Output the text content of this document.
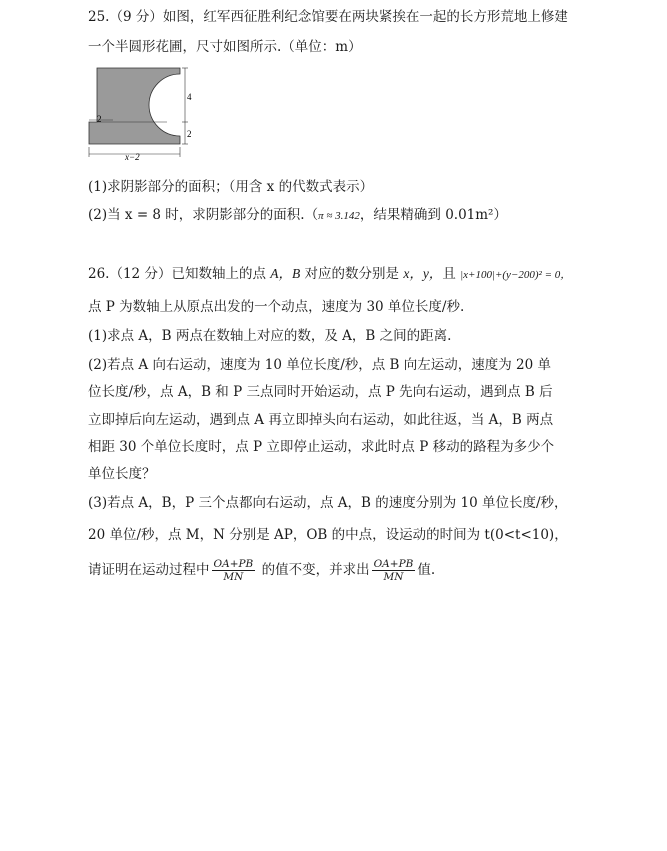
25.（9 分）如图，红军西征胜利纪念馆要在两块紧挨在一起的长方形荒地上修建
一个半圆形花圃，尺寸如图所示.（单位：m）
4
2
2
x−2
(1)求阴影部分的面积；（用含 x 的代数式表示）
(2)当 x = 8 时，求阴影部分的面积.（π ≈ 3.142，结果精确到 0.01m²）
26.（12 分）已知数轴上的点 A，B 对应的数分别是 x，y，且 |x+100|+(y−200)² = 0，
点 P 为数轴上从原点出发的一个动点，速度为 30 单位长度/秒.
(1)求点 A，B 两点在数轴上对应的数，及 A，B 之间的距离.
(2)若点 A 向右运动，速度为 10 单位长度/秒，点 B 向左运动，速度为 20 单
位长度/秒，点 A，B 和 P 三点同时开始运动，点 P 先向右运动，遇到点 B 后
立即掉后向左运动，遇到点 A 再立即掉头向右运动，如此往返，当 A，B 两点
相距 30 个单位长度时，点 P 立即停止运动，求此时点 P 移动的路程为多少个
单位长度？
(3)若点 A，B，P 三个点都向右运动，点 A，B 的速度分别为 10 单位长度/秒，
20 单位/秒，点 M，N 分别是 AP，OB 的中点，设运动的时间为 t(0<t<10)，
请证明在运动过程中 $\frac{OA+PB}{MN}$ 的值不变，并求出 $\frac{OA+PB}{MN}$ 值.
